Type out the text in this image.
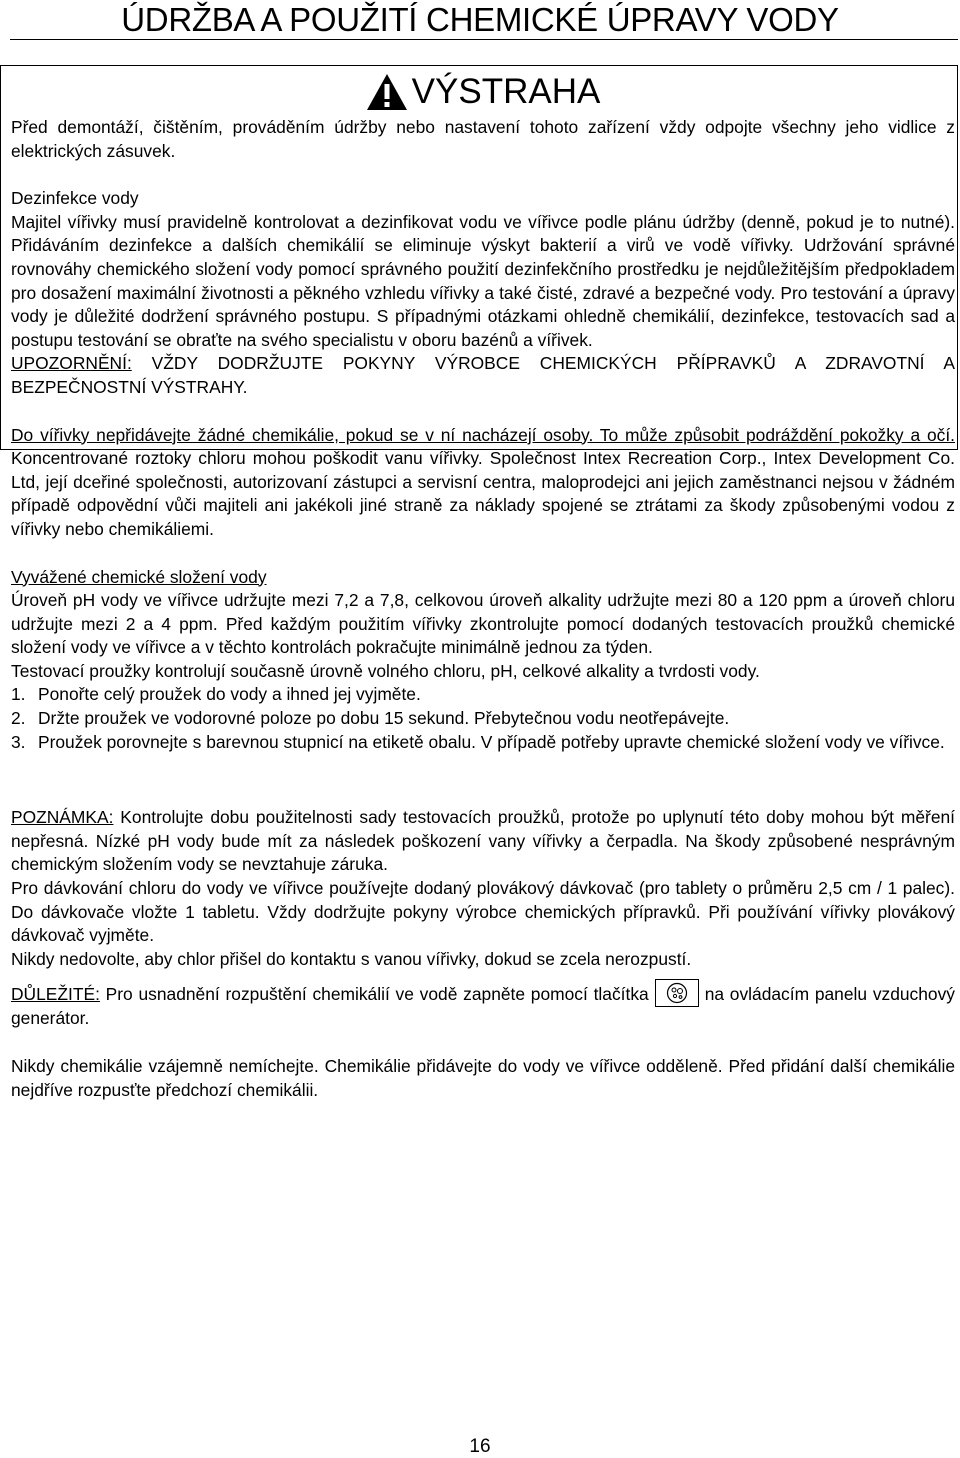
ÚDRŽBA A POUŽITÍ CHEMICKÉ ÚPRAVY VODY
VÝSTRAHA

Před demontáží, čištěním, prováděním údržby nebo nastavení tohoto zařízení vždy odpojte všechny jeho vidlice z elektrických zásuvek.

Dezinfekce vody

Majitel vířivky musí pravidelně kontrolovat a dezinfikovat vodu ve vířivce podle plánu údržby (denně, pokud je to nutné). Přidáváním dezinfekce a dalších chemikálií se eliminuje výskyt bakterií a virů ve vodě vířivky. Udržování správné rovnováhy chemického složení vody pomocí správného použití dezinfekčního prostředku je nejdůležitějším předpokladem pro dosažení maximální životnosti a pěkného vzhledu vířivky a také čisté, zdravé a bezpečné vody. Pro testování a úpravy vody je důležité dodržení správného postupu. S případnými otázkami ohledně chemikálií, dezinfekce, testovacích sad a postupu testování se obraťte na svého specialistu v oboru bazénů a vířivek.

UPOZORNĚNÍ: VŽDY DODRŽUJTE POKYNY VÝROBCE CHEMICKÝCH PŘÍPRAVKŮ A ZDRAVOTNÍ A BEZPEČNOSTNÍ VÝSTRAHY.

Do vířivky nepřidávejte žádné chemikálie, pokud se v ní nacházejí osoby. To může způsobit podráždění pokožky a očí. Koncentrované roztoky chloru mohou poškodit vanu vířivky. Společnost Intex Recreation Corp., Intex Development Co. Ltd, její dceřiné společnosti, autorizovaní zástupci a servisní centra, maloprodejci ani jejich zaměstnanci nejsou v žádném případě odpovědní vůči majiteli ani jakékoli jiné straně za náklady spojené se ztrátami za škody způsobenými vodou z vířivky nebo chemikáliemi.

Vyvážené chemické složení vody

Úroveň pH vody ve vířivce udržujte mezi 7,2 a 7,8, celkovou úroveň alkality udržujte mezi 80 a 120 ppm a úroveň chloru udržujte mezi 2 a 4 ppm. Před každým použitím vířivky zkontrolujte pomocí dodaných testovacích proužků chemické složení vody ve vířivce a v těchto kontrolách pokračujte minimálně jednou za týden.

Testovací proužky kontrolují současně úrovně volného chloru, pH, celkové alkality a tvrdosti vody.

1. Ponořte celý proužek do vody a ihned jej vyjměte.
2. Držte proužek ve vodorovné poloze po dobu 15 sekund. Přebytečnou vodu neotřepávejte.
3. Proužek porovnejte s barevnou stupnicí na etiketě obalu. V případě potřeby upravte chemické složení vody ve vířivce.

POZNÁMKA: Kontrolujte dobu použitelnosti sady testovacích proužků, protože po uplynutí této doby mohou být měření nepřesná. Nízké pH vody bude mít za následek poškození vany vířivky a čerpadla. Na škody způsobené nesprávným chemickým složením vody se nevztahuje záruka.

Pro dávkování chloru do vody ve vířivce používejte dodaný plovákový dávkovač (pro tablety o průměru 2,5 cm / 1 palec). Do dávkovače vložte 1 tabletu. Vždy dodržujte pokyny výrobce chemických přípravků. Při používání vířivky plovákový dávkovač vyjměte.

Nikdy nedovolte, aby chlor přišel do kontaktu s vanou vířivky, dokud se zcela nerozpustí.

DŮLEŽITÉ: Pro usnadnění rozpuštění chemikálií ve vodě zapněte pomocí tlačítka	na ovládacím panelu vzduchový generátor.

Nikdy chemikálie vzájemně nemíchejte. Chemikálie přidávejte do vody ve vířivce odděleně. Před přidání další chemikálie nejdříve rozpusťte předchozí chemikálii.

16
